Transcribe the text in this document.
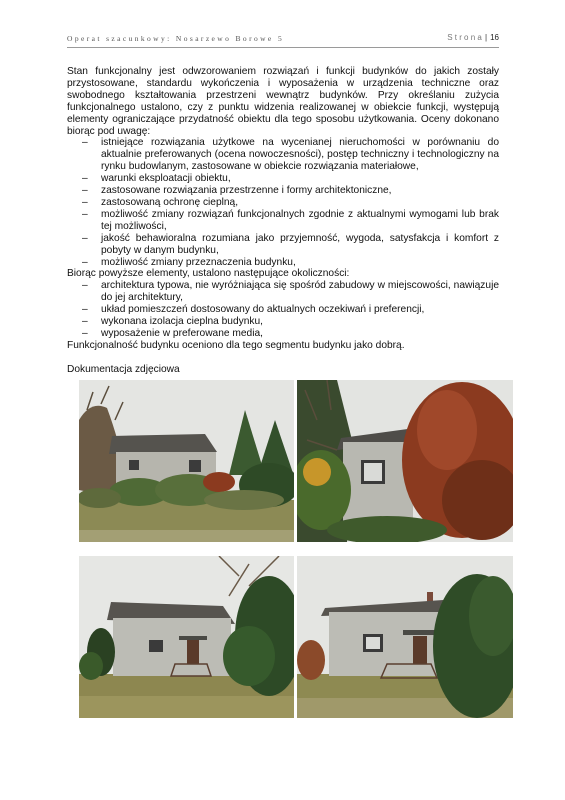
Operat szacunkowy: Nosarzewo Borowe 5	Strona| 16

Stan funkcjonalny jest odwzorowaniem rozwiązań i funkcji budynków do jakich zostały przystosowane, standardu wykończenia i wyposażenia w urządzenia techniczne oraz swobodnego kształtowania przestrzeni wewnątrz budynków. Przy określaniu zużycia funkcjonalnego ustalono, czy z punktu widzenia realizowanej w obiekcie funkcji, występują elementy ograniczające przydatność obiektu dla tego sposobu użytkowania. Oceny dokonano biorąc pod uwagę:

– istniejące rozwiązania użytkowe na wycenianej nieruchomości w porównaniu do aktualnie preferowanych (ocena nowoczesności), postęp techniczny i technologiczny na rynku budowlanym, zastosowane w obiekcie rozwiązania materiałowe,
– warunki eksploatacji obiektu,
– zastosowane rozwiązania przestrzenne i formy architektoniczne,
– zastosowaną ochronę cieplną,
– możliwość zmiany rozwiązań funkcjonalnych zgodnie z aktualnymi wymogami lub brak tej możliwości,
– jakość behawioralna rozumiana jako przyjemność, wygoda, satysfakcja i komfort z pobyty w danym budynku,
– możliwość zmiany przeznaczenia budynku,

Biorąc powyższe elementy, ustalono następujące okoliczności:

– architektura typowa, nie wyróżniająca się spośród zabudowy w miejscowości, nawiązuje do jej architektury,
– układ pomieszczeń dostosowany do aktualnych oczekiwań i preferencji,
– wykonana izolacja cieplna budynku,
– wyposażenie w preferowane media,

Funkcjonalność budynku oceniono dla tego segmentu budynku jako dobrą.

Dokumentacja zdjęciowa
